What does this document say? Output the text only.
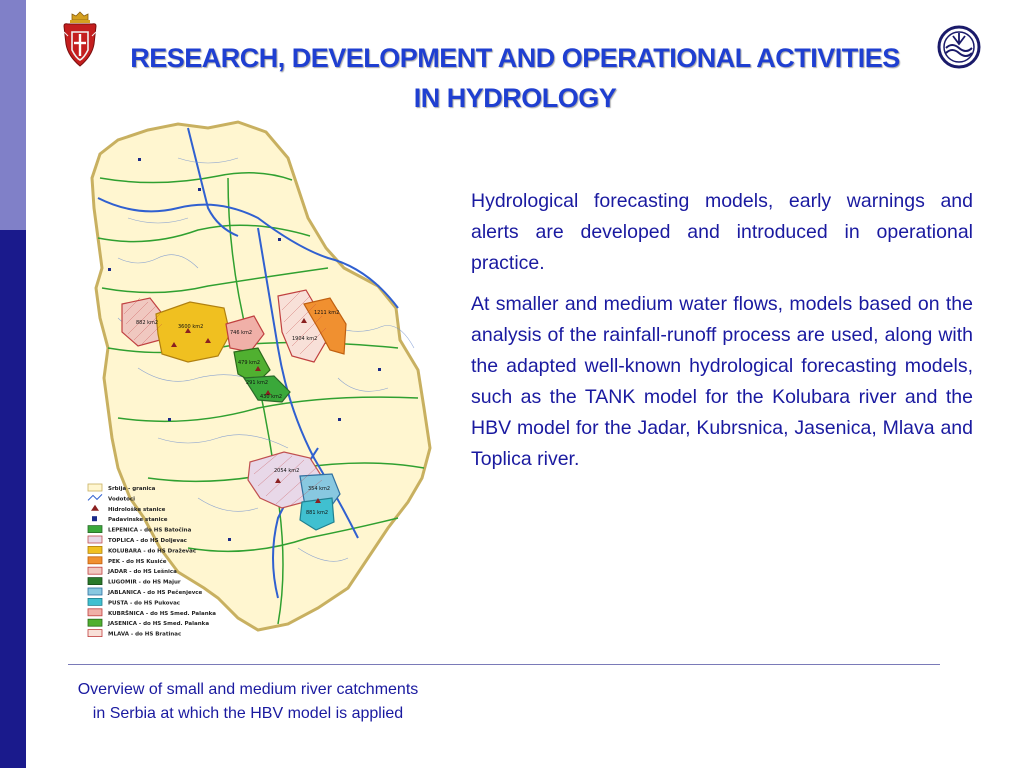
RESEARCH, DEVELOPMENT AND OPERATIONAL ACTIVITIES
IN HYDROLOGY
882 km2
3600 km2
1211 km2
1904 km2
746 km2
479 km2
291 km2
430 km2
2054 km2
354 km2
881 km2
Srbija - granica
Vodotoci
Hidrološke stanice
Padavinske stanice
LEPENICA - do HS Batočina
TOPLICA - do HS Doljevac
KOLUBARA - do HS Draževac
PEK - do HS Kusiće
JADAR - do HS Lešnica
LUGOMIR - do HS Majur
JABLANICA - do HS Pečenjevce
PUSTA - do HS Pukovac
KUBRŠNICA - do HS Smed. Palanka
JASENICA - do HS Smed. Palanka
MLAVA - do HS Bratinac

Hydrological forecasting models, early warnings and alerts are developed and introduced in operational practice.

At smaller and medium water flows, models based on the analysis of the rainfall-runoff process are used, along with the adapted well-known hydrological forecasting models, such as the TANK model for the Kolubara river and the HBV model for the Jadar, Kubrsnica, Jasenica, Mlava and Toplica river.

Overview of small and medium river catchments in Serbia at which the HBV model is applied
